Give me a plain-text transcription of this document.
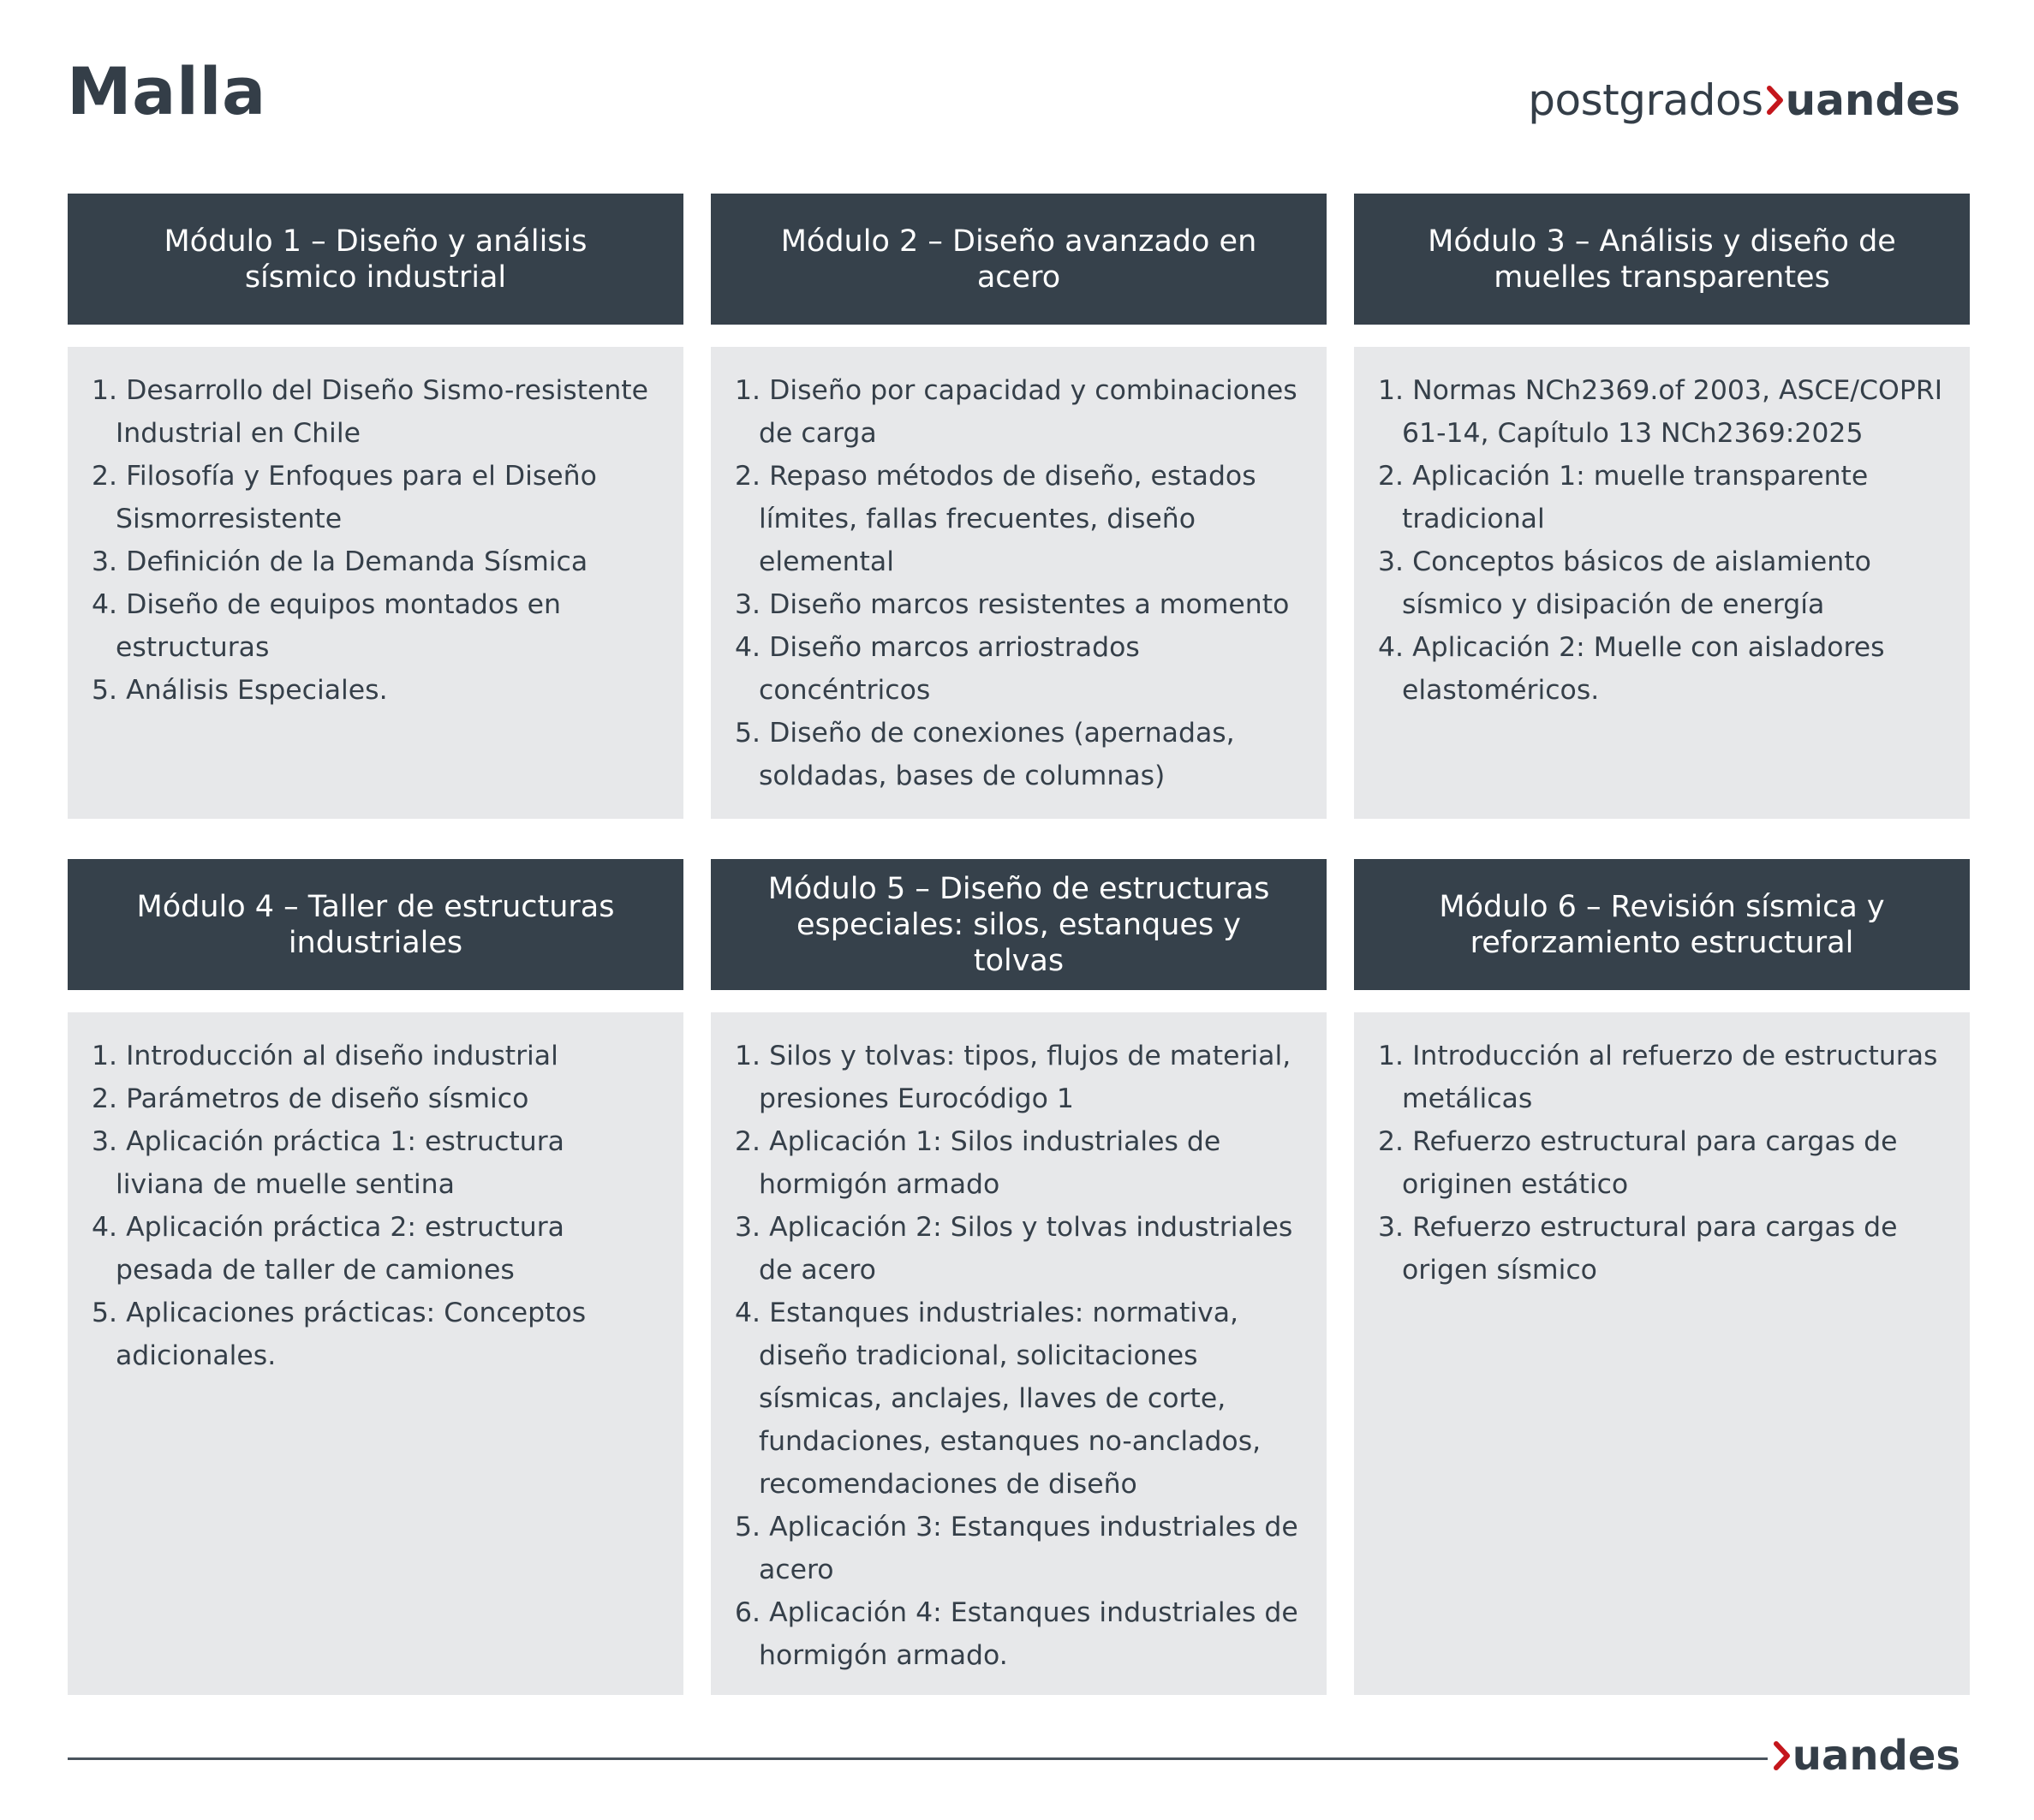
Malla	postgrados uandes
Módulo 1 – Diseño y análisis sísmico industrial
Desarrollo del Diseño Sismo-resistente Industrial en Chile
Filosofía y Enfoques para el Diseño Sismorresistente
Definición de la Demanda Sísmica
Diseño de equipos montados en estructuras
Análisis Especiales.
Módulo 2 – Diseño avanzado en acero
Diseño por capacidad y combinaciones de carga
Repaso métodos de diseño, estados límites, fallas frecuentes, diseño elemental
Diseño marcos resistentes a momento
Diseño marcos arriostrados concéntricos
Diseño de conexiones (apernadas, soldadas, bases de columnas)
Módulo 3 – Análisis y diseño de muelles transparentes
Normas NCh2369.of 2003, ASCE/COPRI 61-14, Capítulo 13 NCh2369:2025
Aplicación 1: muelle transparente tradicional
Conceptos básicos de aislamiento sísmico y disipación de energía
Aplicación 2: Muelle con aisladores elastoméricos.
Módulo 4 – Taller de estructuras industriales
Introducción al diseño industrial
Parámetros de diseño sísmico
Aplicación práctica 1: estructura liviana de muelle sentina
Aplicación práctica 2: estructura pesada de taller de camiones
Aplicaciones prácticas: Conceptos adicionales.
Módulo 5 – Diseño de estructuras especiales: silos, estanques y tolvas
Silos y tolvas: tipos, flujos de material, presiones Eurocódigo 1
Aplicación 1: Silos industriales de hormigón armado
Aplicación 2: Silos y tolvas industriales de acero
Estanques industriales: normativa, diseño tradicional, solicitaciones sísmicas, anclajes, llaves de corte, fundaciones, estanques no-anclados, recomendaciones de diseño
Aplicación 3: Estanques industriales de acero
Aplicación 4: Estanques industriales de hormigón armado.
Módulo 6 – Revisión sísmica y reforzamiento estructural
Introducción al refuerzo de estructuras metálicas
Refuerzo estructural para cargas de originen estático
Refuerzo estructural para cargas de origen sísmico
uandes
